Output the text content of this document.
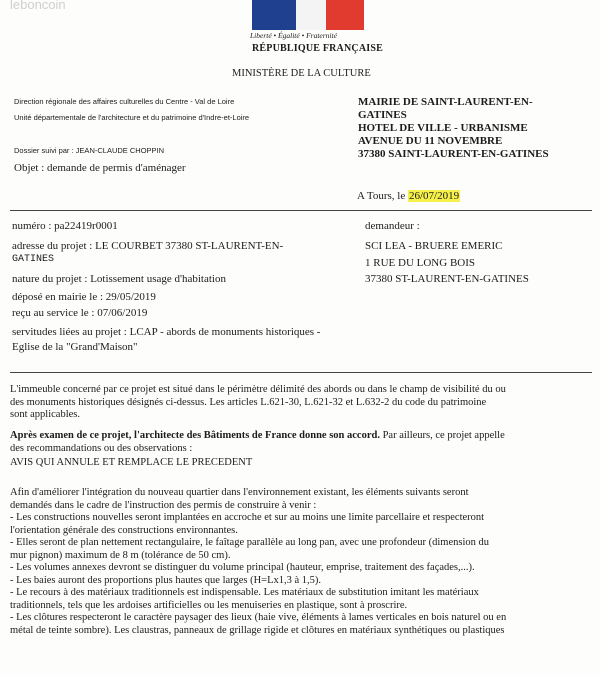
leboncoin
Liberté • Égalité • Fraternité
RÉPUBLIQUE FRANÇAISE
MINISTÈRE DE LA CULTURE
Direction régionale des affaires culturelles du Centre - Val de Loire
Unité départementale de l'architecture et du patrimoine d'Indre-et-Loire
Dossier suivi par : JEAN-CLAUDE CHOPPIN
Objet : demande de permis d'aménager
MAIRIE DE SAINT-LAURENT-EN-
GATINES
HOTEL DE VILLE - URBANISME
AVENUE DU 11 NOVEMBRE
37380 SAINT-LAURENT-EN-GATINES
A Tours, le 26/07/2019
numéro : pa22419r0001
adresse du projet : LE COURBET 37380 ST-LAURENT-EN-
GATINES
nature du projet : Lotissement usage d'habitation
déposé en mairie le : 29/05/2019
reçu au service le : 07/06/2019
servitudes liées au projet : LCAP - abords de monuments historiques -
Eglise de la "Grand'Maison"
demandeur :
SCI LEA - BRUERE EMERIC
1 RUE DU LONG BOIS
37380 ST-LAURENT-EN-GATINES
L'immeuble concerné par ce projet est situé dans le périmètre délimité des abords ou dans le champ de visibilité du ou
des monuments historiques désignés ci-dessus. Les articles L.621-30, L.621-32 et L.632-2 du code du patrimoine
sont applicables.
Après examen de ce projet, l'architecte des Bâtiments de France donne son accord. Par ailleurs, ce projet appelle
des recommandations ou des observations :
AVIS QUI ANNULE ET REMPLACE LE PRECEDENT
Afin d'améliorer l'intégration du nouveau quartier dans l'environnement existant, les éléments suivants seront
demandés dans le cadre de l'instruction des permis de construire à venir :
- Les constructions nouvelles seront implantées en accroche et sur au moins une limite parcellaire et respecteront
l'orientation générale des constructions environnantes.
- Elles seront de plan nettement rectangulaire, le faîtage parallèle au long pan, avec une profondeur (dimension du
mur pignon) maximum de 8 m (tolérance de 50 cm).
- Les volumes annexes devront se distinguer du volume principal (hauteur, emprise, traitement des façades,...).
- Les baies auront des proportions plus hautes que larges (H=Lx1,3 à 1,5).
- Le recours à des matériaux traditionnels est indispensable. Les matériaux de substitution imitant les matériaux
traditionnels, tels que les ardoises artificielles ou les menuiseries en plastique, sont à proscrire.
- Les clôtures respecteront le caractère paysager des lieux (haie vive, éléments à lames verticales en bois naturel ou en
métal de teinte sombre). Les claustras, panneaux de grillage rigide et clôtures en matériaux synthétiques ou plastiques
